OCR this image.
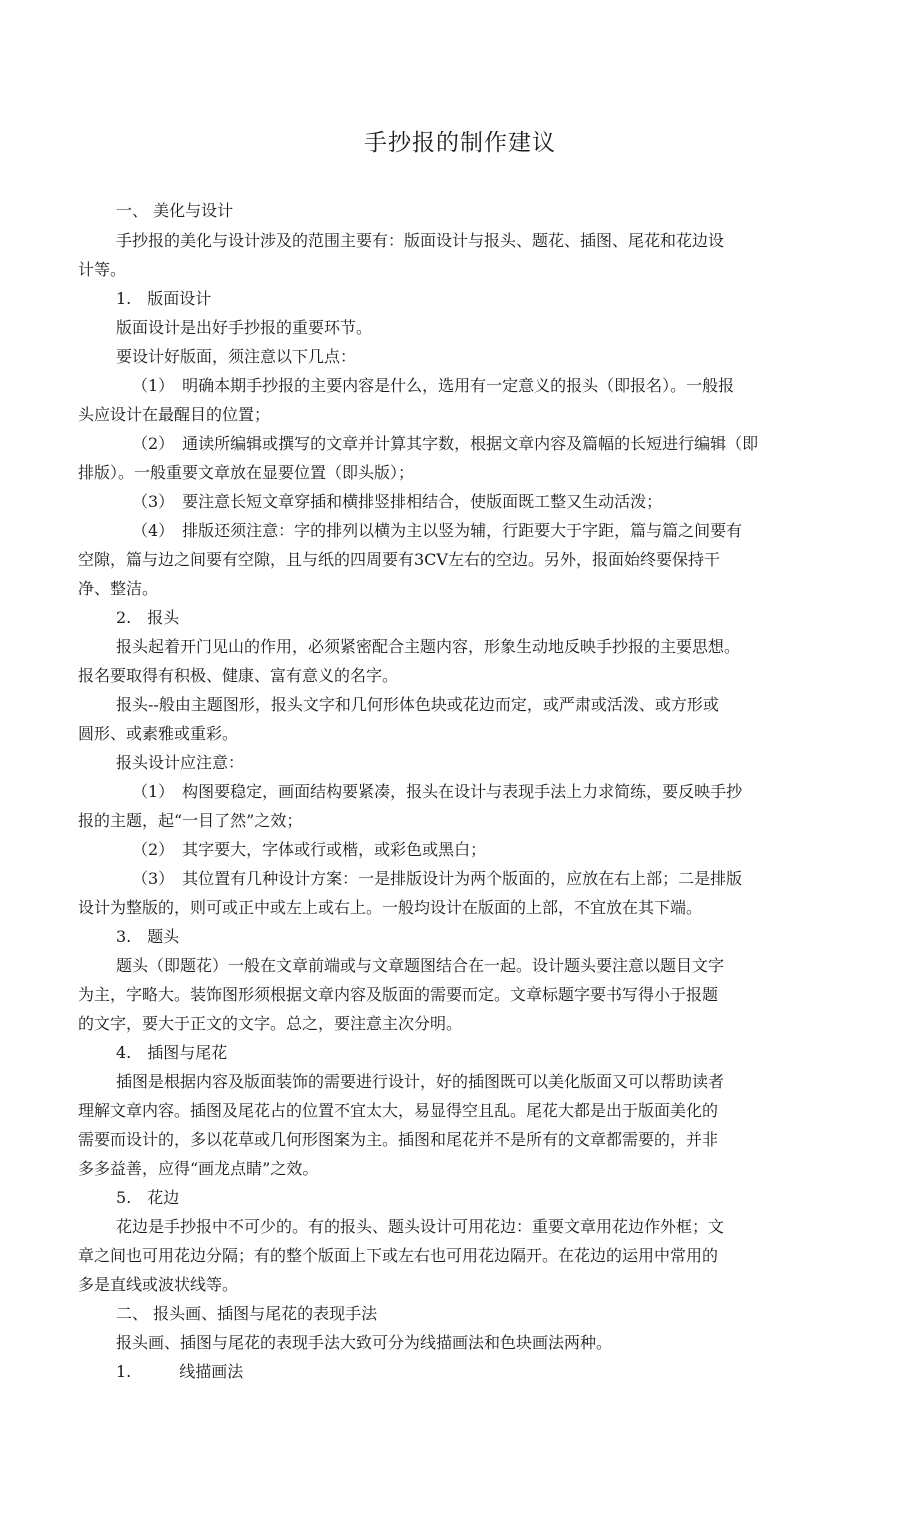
手抄报的制作建议
一、 美化与设计
手抄报的美化与设计涉及的范围主要有：版面设计与报头、题花、插图、尾花和花边设
计等。
1.　版面设计
版面设计是出好手抄报的重要环节。
要设计好版面，须注意以下几点：
（1）　明确本期手抄报的主要内容是什么，选用有一定意义的报头（即报名）。一般报
头应设计在最醒目的位置；
（2）　通读所编辑或撰写的文章并计算其字数，根据文章内容及篇幅的长短进行编辑（即
排版）。一般重要文章放在显要位置（即头版）；
（3）　要注意长短文章穿插和横排竖排相结合，使版面既工整又生动活泼；
（4）　排版还须注意：字的排列以横为主以竖为辅，行距要大于字距，篇与篇之间要有
空隙，篇与边之间要有空隙，且与纸的四周要有3CV左右的空边。另外，报面始终要保持干
净、整洁。
2.　报头
报头起着开门见山的作用，必须紧密配合主题内容，形象生动地反映手抄报的主要思想。
报名要取得有积极、健康、富有意义的名字。
报头--般由主题图形，报头文字和几何形体色块或花边而定，或严肃或活泼、或方形或
圆形、或素雅或重彩。
报头设计应注意：
（1）　构图要稳定，画面结构要紧凑，报头在设计与表现手法上力求简练，要反映手抄
报的主题，起“一目了然”之效；
（2）　其字要大，字体或行或楷，或彩色或黑白；
（3）　其位置有几种设计方案：一是排版设计为两个版面的，应放在右上部；二是排版
设计为整版的，则可或正中或左上或右上。一般均设计在版面的上部，不宜放在其下端。
3.　题头
题头（即题花）一般在文章前端或与文章题图结合在一起。设计题头要注意以题目文字
为主，字略大。装饰图形须根据文章内容及版面的需要而定。文章标题字要书写得小于报题
的文字，要大于正文的文字。总之，要注意主次分明。
4.　插图与尾花
插图是根据内容及版面装饰的需要进行设计，好的插图既可以美化版面又可以帮助读者
理解文章内容。插图及尾花占的位置不宜太大，易显得空且乱。尾花大都是出于版面美化的
需要而设计的，多以花草或几何形图案为主。插图和尾花并不是所有的文章都需要的，并非
多多益善，应得“画龙点睛”之效。
5.　花边
花边是手抄报中不可少的。有的报头、题头设计可用花边：重要文章用花边作外框；文
章之间也可用花边分隔；有的整个版面上下或左右也可用花边隔开。在花边的运用中常用的
多是直线或波状线等。
二、 报头画、插图与尾花的表现手法
报头画、插图与尾花的表现手法大致可分为线描画法和色块画法两种。
1.　　　线描画法
